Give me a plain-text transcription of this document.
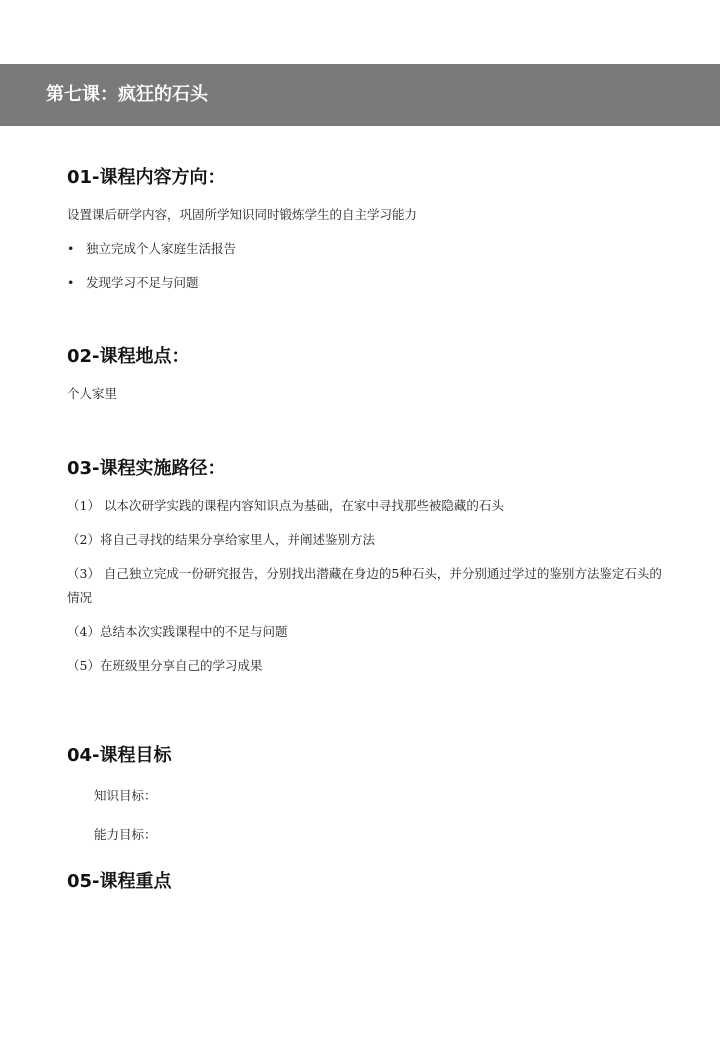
第七课：疯狂的石头
01-课程内容方向：
设置课后研学内容，巩固所学知识同时锻炼学生的自主学习能力
• 独立完成个人家庭生活报告
• 发现学习不足与问题
02-课程地点：
个人家里
03-课程实施路径：
（1） 以本次研学实践的课程内容知识点为基础，在家中寻找那些被隐藏的石头
（2）将自己寻找的结果分享给家里人，并阐述鉴别方法
（3） 自己独立完成一份研究报告，分别找出潜藏在身边的5种石头，并分别通过学过的鉴别方法鉴定石头的情况
（4）总结本次实践课程中的不足与问题
（5）在班级里分享自己的学习成果
04-课程目标
知识目标：
能力目标：
05-课程重点
